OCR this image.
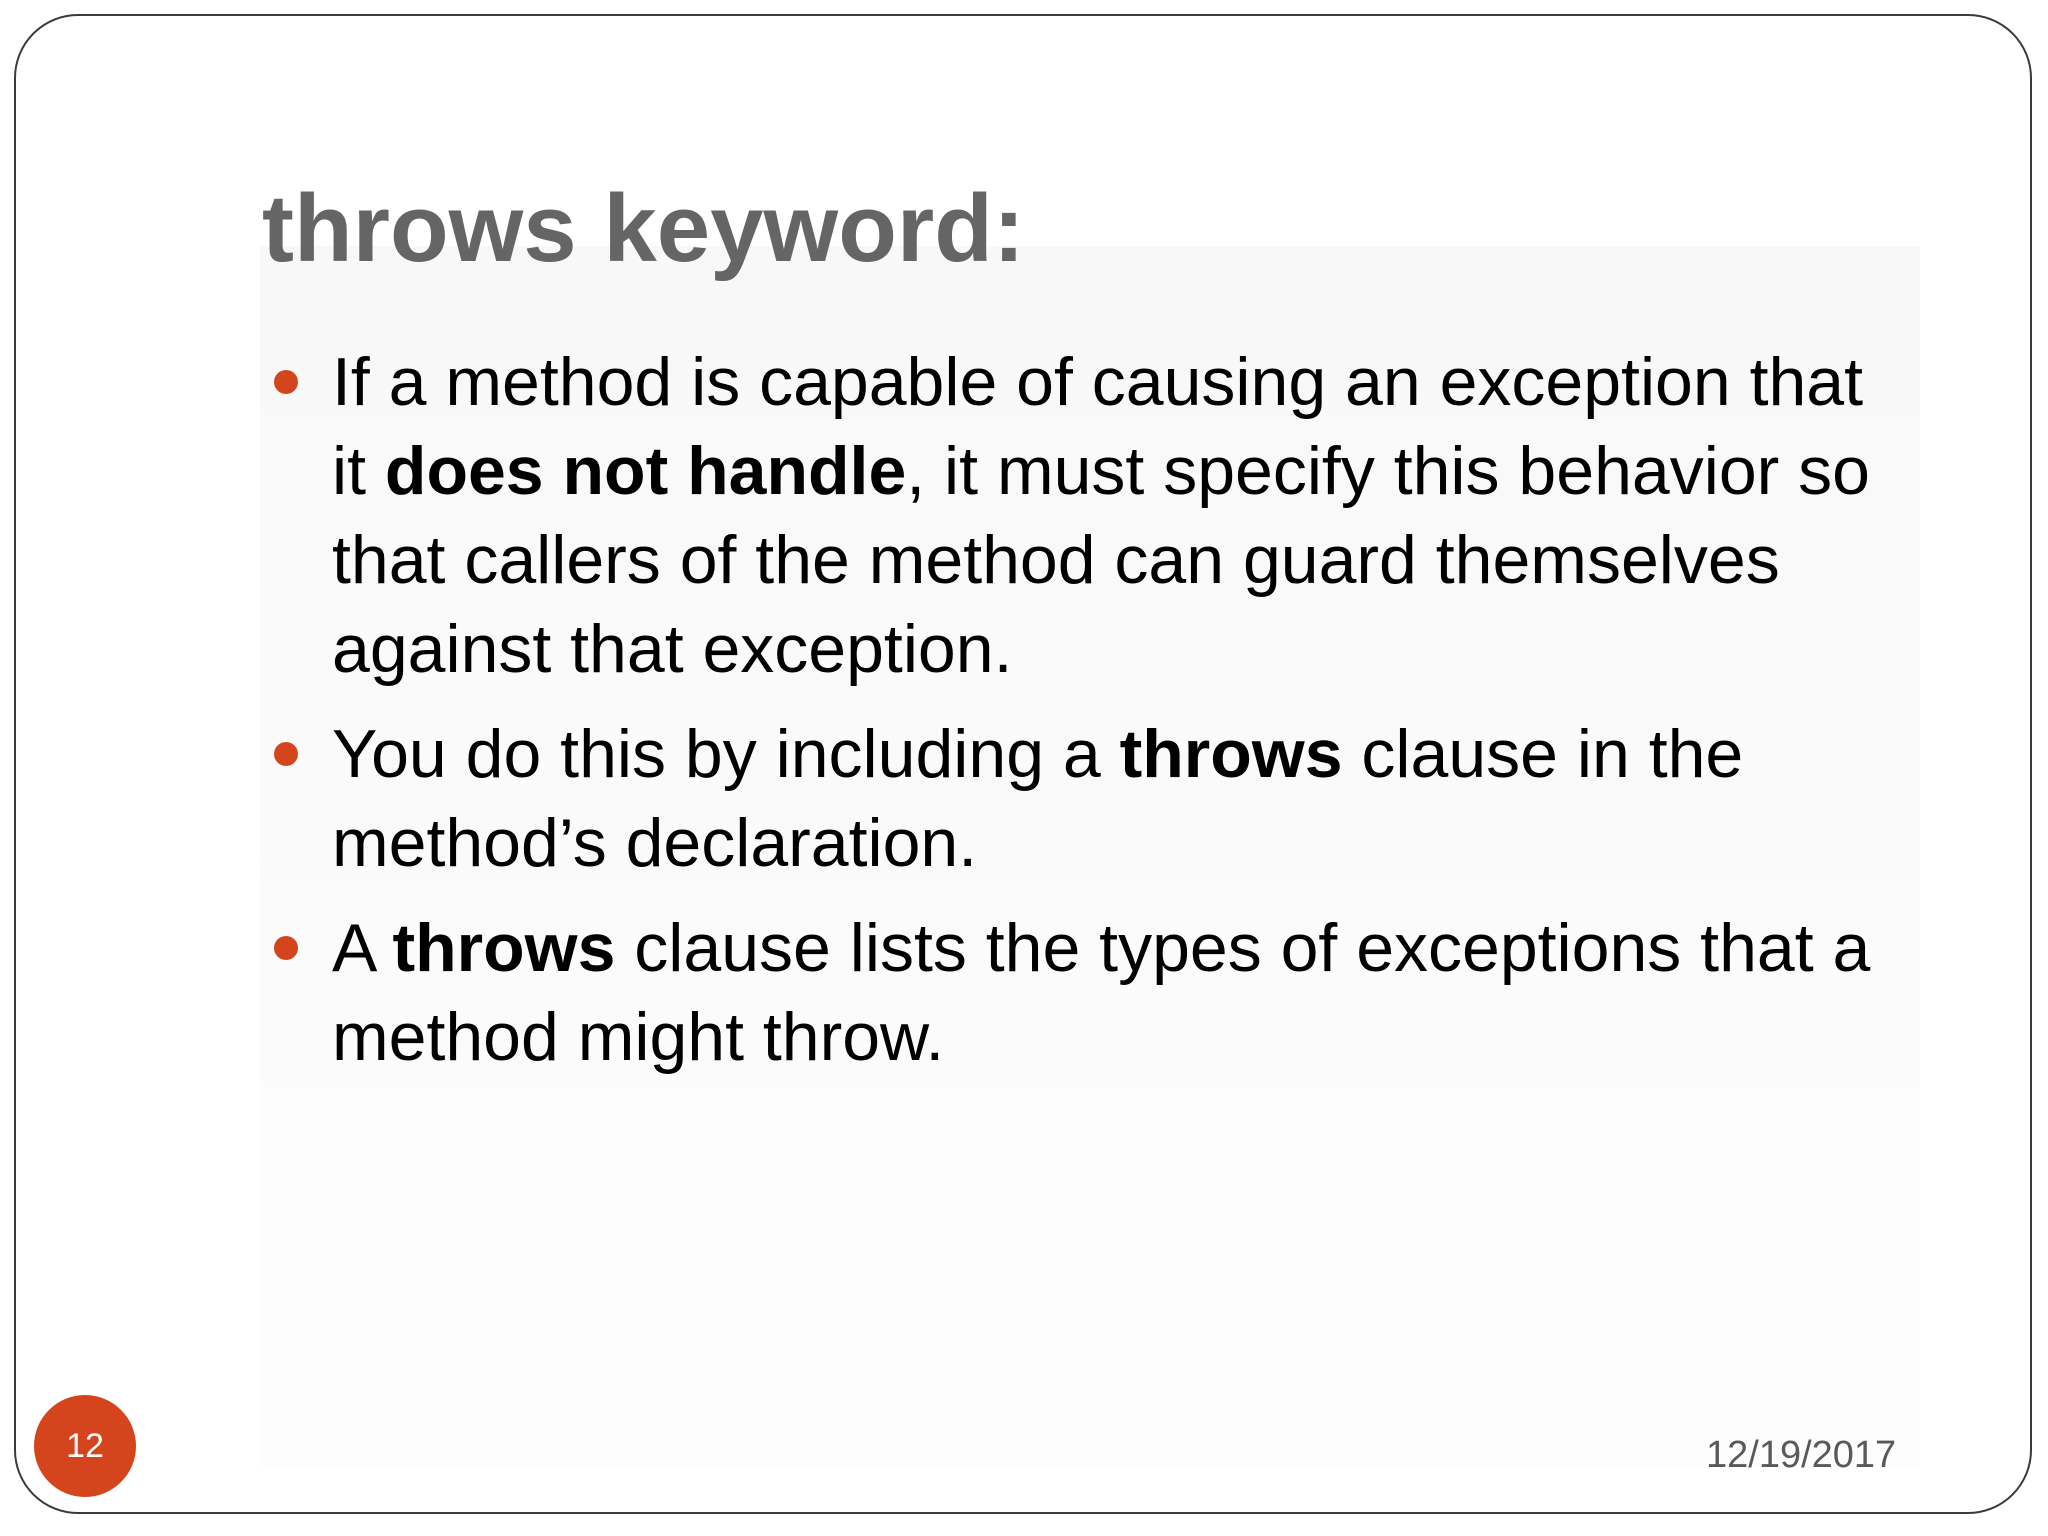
throws keyword:
If a method is capable of causing an exception that it does not handle, it must specify this behavior so that callers of the method can guard themselves against that exception.
You do this by including a throws clause in the method’s declaration.
A throws clause lists the types of exceptions that a method might throw.
12	12/19/2017
